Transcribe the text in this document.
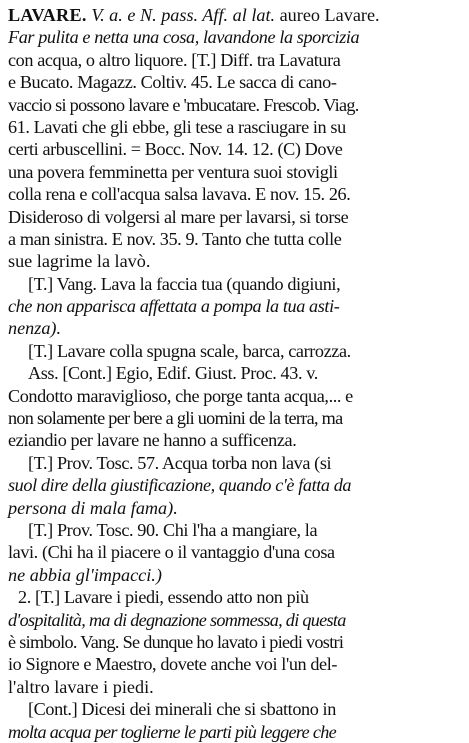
LAVARE. V. a. e N. pass. Aff. al lat. aureo Lavare.
Far pulita e netta una cosa, lavandone la sporcizia
con acqua, o altro liquore. [T.] Diff. tra Lavatura
e Bucato. Magazz. Coltiv. 45. Le sacca di cano-
vaccio si possono lavare e 'mbucatare. Frescob. Viag.
61. Lavati che gli ebbe, gli tese a rasciugare in su
certi arbuscellini. = Bocc. Nov. 14. 12. (C) Dove
una povera femminetta per ventura suoi stovigli
colla rena e coll'acqua salsa lavava. E nov. 15. 26.
Disideroso di volgersi al mare per lavarsi, si torse
a man sinistra. E nov. 35. 9. Tanto che tutta colle
sue lagrime la lavò.
[T.] Vang. Lava la faccia tua (quando digiuni,
che non apparisca affettata a pompa la tua asti-
nenza).
[T.] Lavare colla spugna scale, barca, carrozza.
Ass. [Cont.] Egio, Edif. Giust. Proc. 43. v.
Condotto maraviglioso, che porge tanta acqua,... e
non solamente per bere a gli uomini de la terra, ma
eziandio per lavare ne hanno a sufficenza.
[T.] Prov. Tosc. 57. Acqua torba non lava (si
suol dire della giustificazione, quando c'è fatta da
persona di mala fama).
[T.] Prov. Tosc. 90. Chi l'ha a mangiare, la
lavi. (Chi ha il piacere o il vantaggio d'una cosa
ne abbia gl'impacci.)
2. [T.] Lavare i piedi, essendo atto non più
d'ospitalità, ma di degnazione sommessa, di questa
è simbolo. Vang. Se dunque ho lavato i piedi vostri
io Signore e Maestro, dovete anche voi l'un del-
l'altro lavare i piedi.
[Cont.] Dicesi dei minerali che si sbattono in
molta acqua per toglierne le parti più leggere che
